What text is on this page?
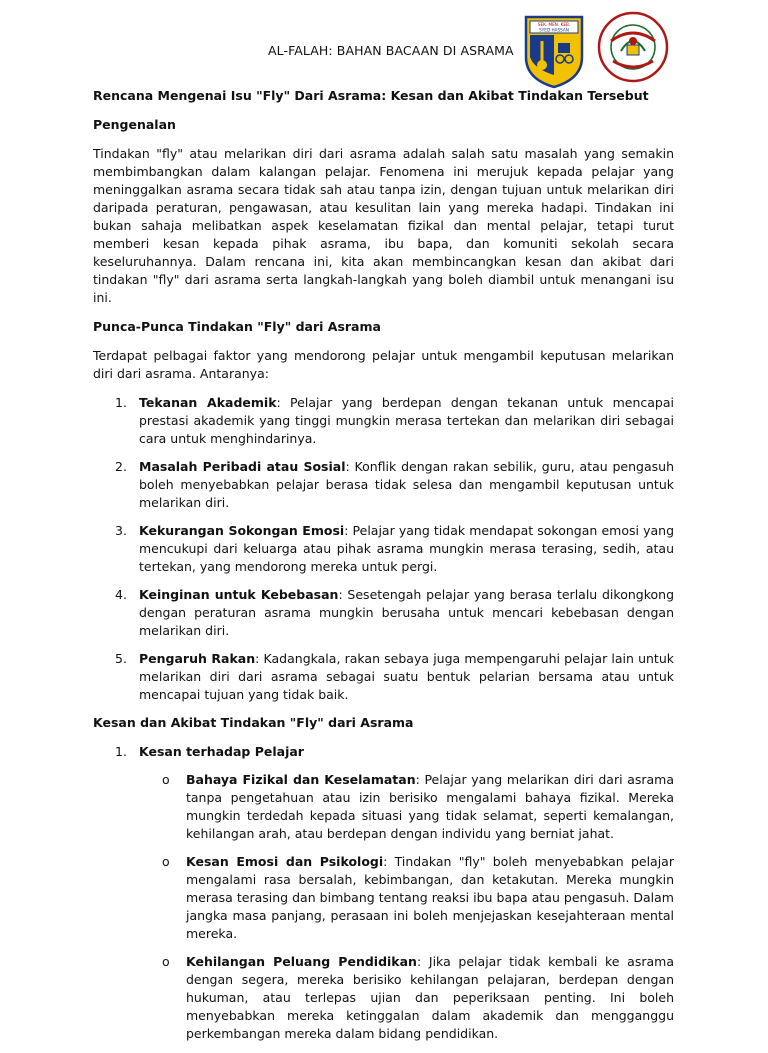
AL-FALAH: BAHAN BACAAN DI ASRAMA
SEK. MEN. KEB.
SYED HASSAN

Rencana Mengenai Isu "Fly" Dari Asrama: Kesan dan Akibat Tindakan Tersebut

Pengenalan

Tindakan "fly" atau melarikan diri dari asrama adalah salah satu masalah yang semakin membimbangkan dalam kalangan pelajar. Fenomena ini merujuk kepada pelajar yang meninggalkan asrama secara tidak sah atau tanpa izin, dengan tujuan untuk melarikan diri daripada peraturan, pengawasan, atau kesulitan lain yang mereka hadapi. Tindakan ini bukan sahaja melibatkan aspek keselamatan fizikal dan mental pelajar, tetapi turut memberi kesan kepada pihak asrama, ibu bapa, dan komuniti sekolah secara keseluruhannya. Dalam rencana ini, kita akan membincangkan kesan dan akibat dari tindakan "fly" dari asrama serta langkah-langkah yang boleh diambil untuk menangani isu ini.

Punca-Punca Tindakan "Fly" dari Asrama

Terdapat pelbagai faktor yang mendorong pelajar untuk mengambil keputusan melarikan diri dari asrama. Antaranya:

1. Tekanan Akademik: Pelajar yang berdepan dengan tekanan untuk mencapai prestasi akademik yang tinggi mungkin merasa tertekan dan melarikan diri sebagai cara untuk menghindarinya.
2. Masalah Peribadi atau Sosial: Konflik dengan rakan sebilik, guru, atau pengasuh boleh menyebabkan pelajar berasa tidak selesa dan mengambil keputusan untuk melarikan diri.
3. Kekurangan Sokongan Emosi: Pelajar yang tidak mendapat sokongan emosi yang mencukupi dari keluarga atau pihak asrama mungkin merasa terasing, sedih, atau tertekan, yang mendorong mereka untuk pergi.
4. Keinginan untuk Kebebasan: Sesetengah pelajar yang berasa terlalu dikongkong dengan peraturan asrama mungkin berusaha untuk mencari kebebasan dengan melarikan diri.
5. Pengaruh Rakan: Kadangkala, rakan sebaya juga mempengaruhi pelajar lain untuk melarikan diri dari asrama sebagai suatu bentuk pelarian bersama atau untuk mencapai tujuan yang tidak baik.

Kesan dan Akibat Tindakan "Fly" dari Asrama

1. Kesan terhadap Pelajar
o Bahaya Fizikal dan Keselamatan: Pelajar yang melarikan diri dari asrama tanpa pengetahuan atau izin berisiko mengalami bahaya fizikal. Mereka mungkin terdedah kepada situasi yang tidak selamat, seperti kemalangan, kehilangan arah, atau berdepan dengan individu yang berniat jahat.
o Kesan Emosi dan Psikologi: Tindakan "fly" boleh menyebabkan pelajar mengalami rasa bersalah, kebimbangan, dan ketakutan. Mereka mungkin merasa terasing dan bimbang tentang reaksi ibu bapa atau pengasuh. Dalam jangka masa panjang, perasaan ini boleh menjejaskan kesejahteraan mental mereka.
o Kehilangan Peluang Pendidikan: Jika pelajar tidak kembali ke asrama dengan segera, mereka berisiko kehilangan pelajaran, berdepan dengan hukuman, atau terlepas ujian dan peperiksaan penting. Ini boleh menyebabkan mereka ketinggalan dalam akademik dan mengganggu perkembangan mereka dalam bidang pendidikan.
